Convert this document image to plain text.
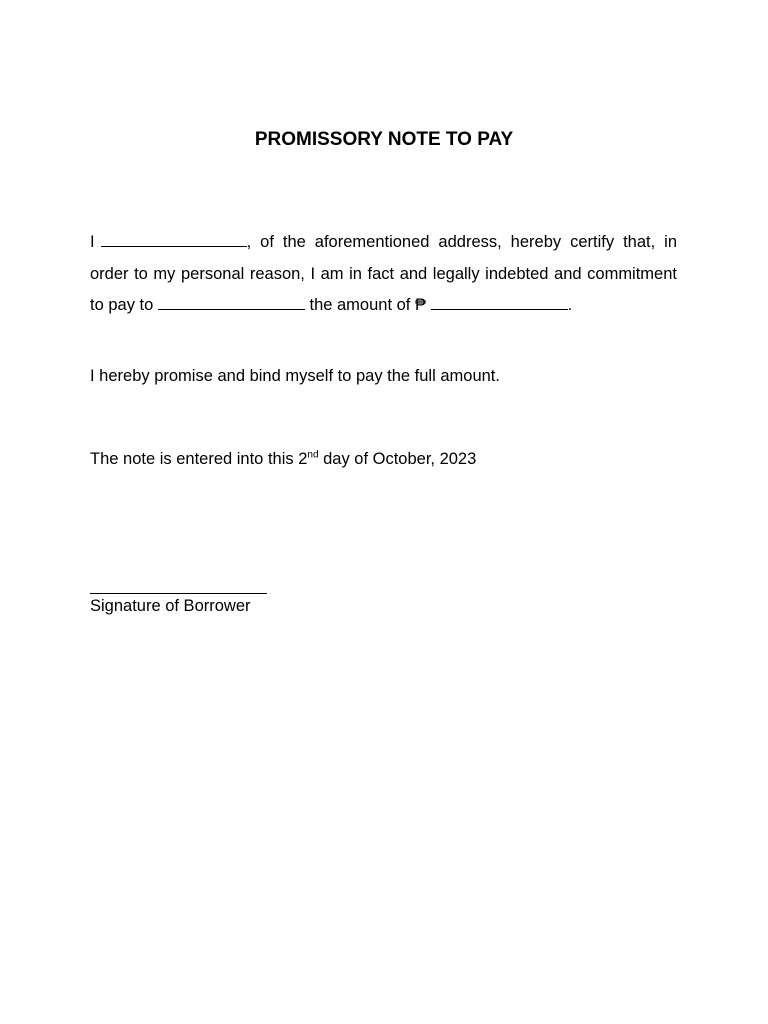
PROMISSORY NOTE TO PAY
I	, of the aforementioned address, hereby certify that, in order to my personal reason, I am in fact and legally indebted and commitment to pay to	the amount of ₱	.
I hereby promise and bind myself to pay the full amount.
The note is entered into this 2nd day of October, 2023
Signature of Borrower
